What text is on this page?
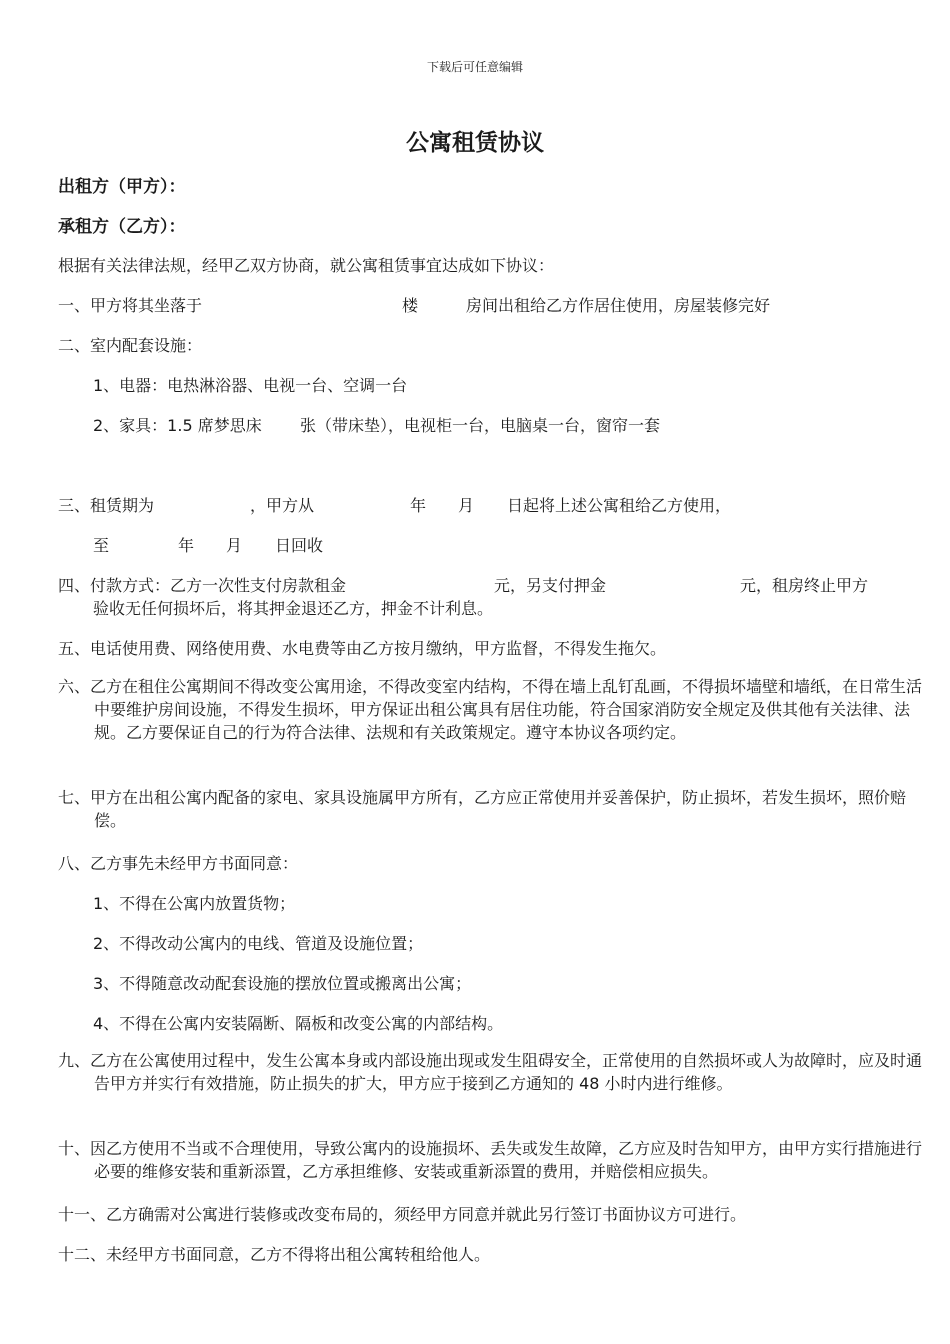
下载后可任意编辑
公寓租赁协议
出租方（甲方）：
承租方（乙方）：
根据有关法律法规，经甲乙双方协商，就公寓租赁事宜达成如下协议：
一、甲方将其坐落于	楼	房间出租给乙方作居住使用，房屋装修完好
二、室内配套设施：
1、电器：电热淋浴器、电视一台、空调一台
2、家具：1.5 席梦思床 张（带床垫），电视柜一台，电脑桌一台，窗帘一套
三、租赁期为	，甲方从	年 月 日起将上述公寓租给乙方使用，
至	年 月 日回收
四、付款方式：乙方一次性支付房款租金	元，另支付押金	元，租房终止甲方
验收无任何损坏后，将其押金退还乙方，押金不计利息。
五、电话使用费、网络使用费、水电费等由乙方按月缴纳，甲方监督，不得发生拖欠。
六、乙方在租住公寓期间不得改变公寓用途，不得改变室内结构，不得在墙上乱钉乱画，不得损坏墙壁和墙纸，在日常生活中要维护房间设施，不得发生损坏，甲方保证出租公寓具有居住功能，符合国家消防安全规定及供其他有关法律、法规。乙方要保证自己的行为符合法律、法规和有关政策规定。遵守本协议各项约定。
七、甲方在出租公寓内配备的家电、家具设施属甲方所有，乙方应正常使用并妥善保护，防止损坏，若发生损坏，照价赔偿。
八、乙方事先未经甲方书面同意：
1、不得在公寓内放置货物；
2、不得改动公寓内的电线、管道及设施位置；
3、不得随意改动配套设施的摆放位置或搬离出公寓；
4、不得在公寓内安装隔断、隔板和改变公寓的内部结构。
九、乙方在公寓使用过程中，发生公寓本身或内部设施出现或发生阻碍安全，正常使用的自然损坏或人为故障时，应及时通告甲方并实行有效措施，防止损失的扩大，甲方应于接到乙方通知的 48 小时内进行维修。
十、因乙方使用不当或不合理使用，导致公寓内的设施损坏、丢失或发生故障，乙方应及时告知甲方，由甲方实行措施进行必要的维修安装和重新添置，乙方承担维修、安装或重新添置的费用，并赔偿相应损失。
十一、乙方确需对公寓进行装修或改变布局的，须经甲方同意并就此另行签订书面协议方可进行。
十二、未经甲方书面同意，乙方不得将出租公寓转租给他人。
